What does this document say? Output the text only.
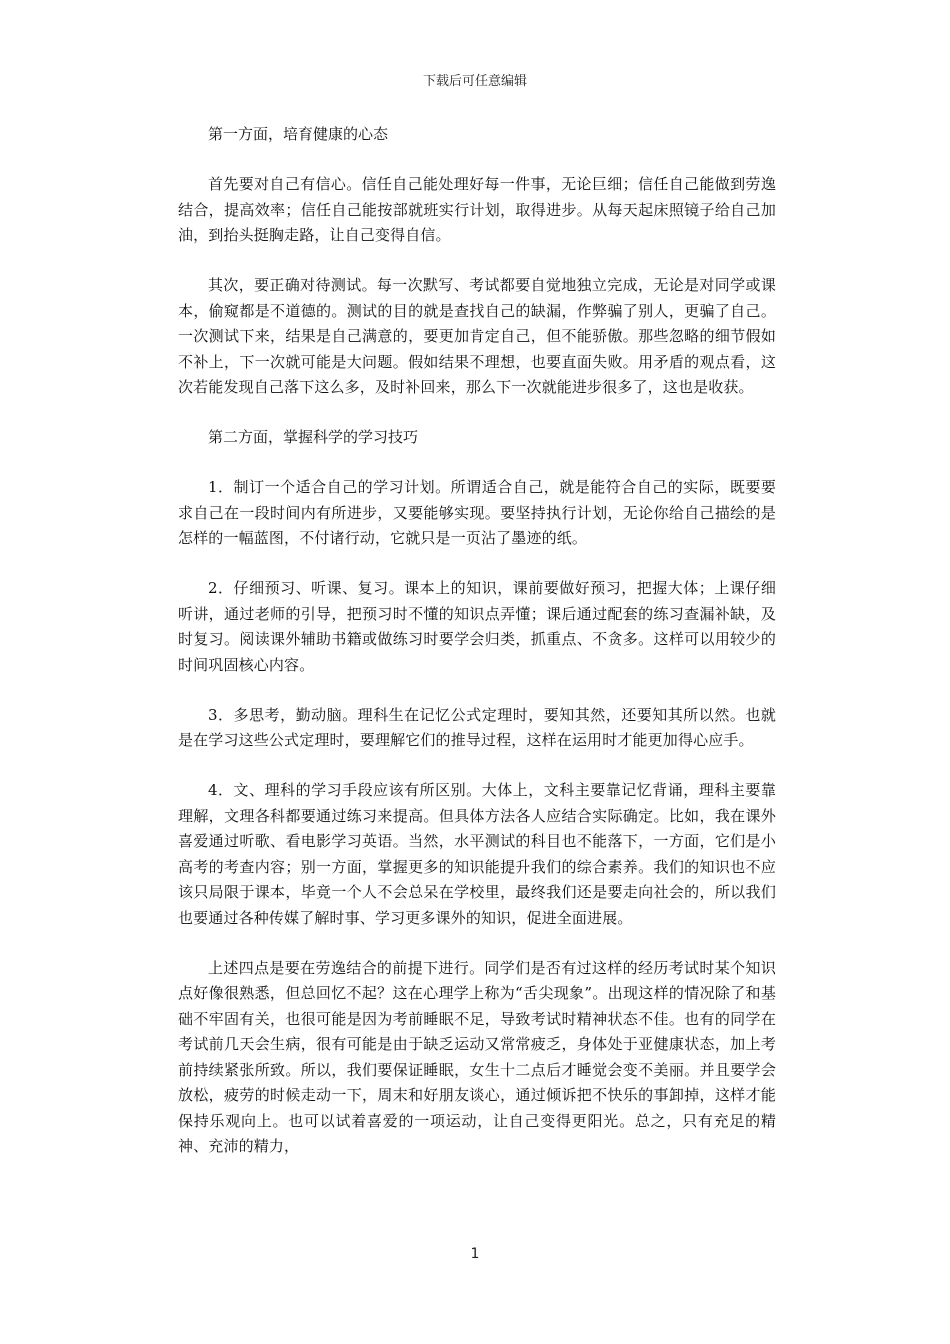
下载后可任意编辑

第一方面，培育健康的心态

首先要对自己有信心。信任自己能处理好每一件事，无论巨细；信任自己能做到劳逸结合，提高效率；信任自己能按部就班实行计划，取得进步。从每天起床照镜子给自己加油，到抬头挺胸走路，让自己变得自信。

其次，要正确对待测试。每一次默写、考试都要自觉地独立完成，无论是对同学或课本，偷窥都是不道德的。测试的目的就是查找自己的缺漏，作弊骗了别人，更骗了自己。一次测试下来，结果是自己满意的，要更加肯定自己，但不能骄傲。那些忽略的细节假如不补上，下一次就可能是大问题。假如结果不理想，也要直面失败。用矛盾的观点看，这次若能发现自己落下这么多，及时补回来，那么下一次就能进步很多了，这也是收获。

第二方面，掌握科学的学习技巧

1．制订一个适合自己的学习计划。所谓适合自己，就是能符合自己的实际，既要要求自己在一段时间内有所进步，又要能够实现。要坚持执行计划，无论你给自己描绘的是怎样的一幅蓝图，不付诸行动，它就只是一页沾了墨迹的纸。

2．仔细预习、听课、复习。课本上的知识，课前要做好预习，把握大体；上课仔细听讲，通过老师的引导，把预习时不懂的知识点弄懂；课后通过配套的练习查漏补缺，及时复习。阅读课外辅助书籍或做练习时要学会归类，抓重点、不贪多。这样可以用较少的时间巩固核心内容。

3．多思考，勤动脑。理科生在记忆公式定理时，要知其然，还要知其所以然。也就是在学习这些公式定理时，要理解它们的推导过程，这样在运用时才能更加得心应手。

4．文、理科的学习手段应该有所区别。大体上，文科主要靠记忆背诵，理科主要靠理解，文理各科都要通过练习来提高。但具体方法各人应结合实际确定。比如，我在课外喜爱通过听歌、看电影学习英语。当然，水平测试的科目也不能落下，一方面，它们是小高考的考查内容；别一方面，掌握更多的知识能提升我们的综合素养。我们的知识也不应该只局限于课本，毕竟一个人不会总呆在学校里，最终我们还是要走向社会的，所以我们也要通过各种传媒了解时事、学习更多课外的知识，促进全面进展。

上述四点是要在劳逸结合的前提下进行。同学们是否有过这样的经历考试时某个知识点好像很熟悉，但总回忆不起？这在心理学上称为“舌尖现象”。出现这样的情况除了和基础不牢固有关，也很可能是因为考前睡眠不足，导致考试时精神状态不佳。也有的同学在考试前几天会生病，很有可能是由于缺乏运动又常常疲乏，身体处于亚健康状态，加上考前持续紧张所致。所以，我们要保证睡眠，女生十二点后才睡觉会变不美丽。并且要学会放松，疲劳的时候走动一下，周末和好朋友谈心，通过倾诉把不快乐的事卸掉，这样才能保持乐观向上。也可以试着喜爱的一项运动，让自己变得更阳光。总之，只有充足的精神、充沛的精力，

1
